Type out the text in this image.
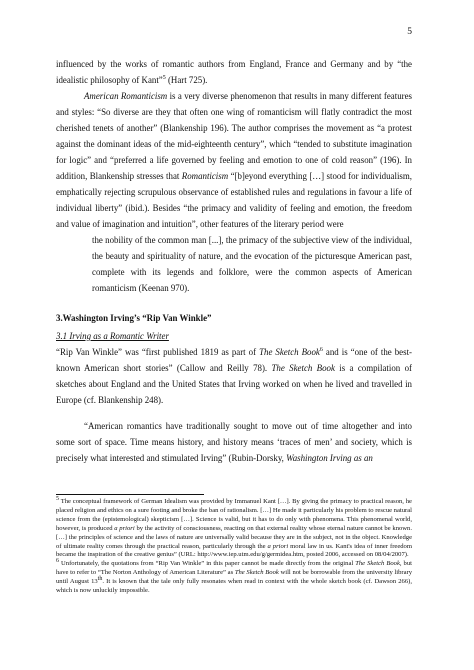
5

influenced by the works of romantic authors from England, France and Germany and by “the idealistic philosophy of Kant”$^5$ (Hart 725).

American Romanticism is a very diverse phenomenon that results in many different features and styles: “So diverse are they that often one wing of romanticism will flatly contradict the most cherished tenets of another” (Blankenship 196). The author comprises the movement as “a protest against the dominant ideas of the mid-eighteenth century”, which “tended to substitute imagination for logic” and “preferred a life governed by feeling and emotion to one of cold reason” (196). In addition, Blankenship stresses that Romanticism “[b]eyond everything […] stood for individualism, emphatically rejecting scrupulous observance of established rules and regulations in favour a life of individual liberty” (ibid.). Besides “the primacy and validity of feeling and emotion, the freedom and value of imagination and intuition”, other features of the literary period were

the nobility of the common man [...], the primacy of the subjective view of the individual, the beauty and spirituality of nature, and the evocation of the picturesque American past, complete with its legends and folklore, were the common aspects of American romanticism (Keenan 970).

3.Washington Irving’s “Rip Van Winkle”

3.1 Irving as a Romantic Writer

“Rip Van Winkle” was “first published 1819 as part of The Sketch Book$^6$ and is “one of the best-known American short stories” (Callow and Reilly 78). The Sketch Book is a compilation of sketches about England and the United States that Irving worked on when he lived and travelled in Europe (cf. Blankenship 248).

“American romantics have traditionally sought to move out of time altogether and into some sort of space. Time means history, and history means ‘traces of men’ and society, which is precisely what interested and stimulated Irving” (Rubin-Dorsky, Washington Irving as an

$^5$ The conceptual framework of German Idealism was provided by Immanuel Kant […]. By giving the primacy to practical reason, he placed religion and ethics on a sure footing and broke the ban of rationalism. […] He made it particularly his problem to rescue natural science from the (epistemological) skepticism […]. Science is valid, but it has to do only with phenomena. This phenomenal world, however, is produced a priori by the activity of consciousness, reacting on that external reality whose eternal nature cannot be known. […] the principles of science and the laws of nature are universally valid because they are in the subject, not in the object. Knowledge of ultimate reality comes through the practical reason, particularly through the a priori moral law in us. Kant's idea of inner freedom became the inspiration of the creative genius” (URL: http://www.iep.utm.edu/g/germidea.htm, posted 2006, accessed on 08/04/2007).

$^6$ Unfortunately, the quotations from “Rip Van Winkle” in this paper cannot be made directly from the original The Sketch Book, but have to refer to “The Norton Anthology of American Literature” as The Sketch Book will not be borrowable from the university library until August 13th. It is known that the tale only fully resonates when read in context with the whole sketch book (cf. Dawson 266), which is now unluckily impossible.
